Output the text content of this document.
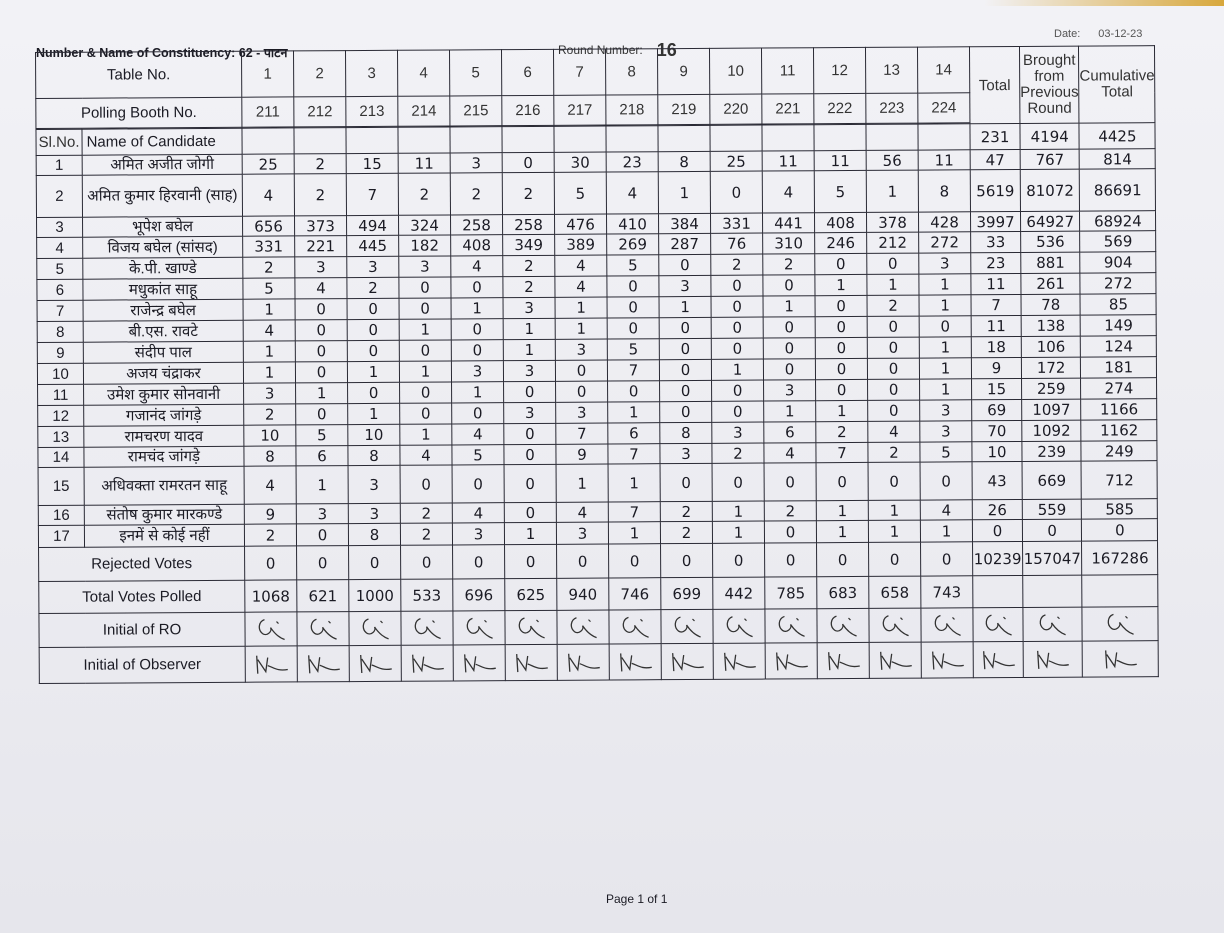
Number & Name of Constituency: 62 - पाटन	Round Number: 16
Date: 03-12-23
Table No.		1	2	3	4	5	6	7	8	9	10	11	12	13	14	Total	Brought from Previous Round	Cumulative Total
Polling Booth No.		211	212	213	214	215	216	217	218	219	220	221	222	223	224			

Sl.No.	Name of Candidate															231	4194	4425
1	अमित अजीत जोगी	25	2	15	11	3	0	30	23	8	25	11	11	56	11	47	767	814
2	अमित कुमार हिरवानी (साह)	4	2	7	2	2	2	5	4	1	0	4	5	1	8	5619	81072	86691
3	भूपेश बघेल	656	373	494	324	258	258	476	410	384	331	441	408	378	428	3997	64927	68924
4	विजय बघेल (सांसद)	331	221	445	182	408	349	389	269	287	76	310	246	212	272	33	536	569
5	के.पी. खाण्डे	2	3	3	3	4	2	4	5	0	2	2	0	0	3	23	881	904
6	मधुकांत साहू	5	4	2	0	0	2	4	0	3	0	0	1	1	1	11	261	272
7	राजेन्द्र बघेल	1	0	0	0	1	3	1	0	1	0	1	0	2	1	7	78	85
8	बी.एस. रावटे	4	0	0	1	0	1	1	0	0	0	0	0	0	0	11	138	149
9	संदीप पाल	1	0	0	0	0	1	3	5	0	0	0	0	0	1	18	106	124
10	अजय चंद्राकर	1	0	1	1	3	3	0	7	0	1	0	0	0	1	9	172	181
11	उमेश कुमार सोनवानी	3	1	0	0	1	0	0	0	0	0	3	0	0	1	15	259	274
12	गजानंद जांगड़े	2	0	1	0	0	3	3	1	0	0	1	1	0	3	69	1097	1166
13	रामचरण यादव	10	5	10	1	4	0	7	6	8	3	6	2	4	3	70	1092	1162
14	रामचंद जांगड़े	8	6	8	4	5	0	9	7	3	2	4	7	2	5	10	239	249
15	अधिवक्ता रामरतन साहू	4	1	3	0	0	0	1	1	0	0	0	0	0	0	43	669	712
16	संतोष कुमार मारकण्डे	9	3	3	2	4	0	4	7	2	1	2	1	1	4	26	559	585
17	इनमें से कोई नहीं	2	0	8	2	3	1	3	1	2	1	0	1	1	1	0	0	0
Rejected Votes		0	0	0	0	0	0	0	0	0	0	0	0	0	0	10239	157047	167286
Total Votes Polled		1068	621	1000	533	696	625	940	746	699	442	785	683	658	743			
Initial of RO	

Initial of Observer	

Page 1 of 1
